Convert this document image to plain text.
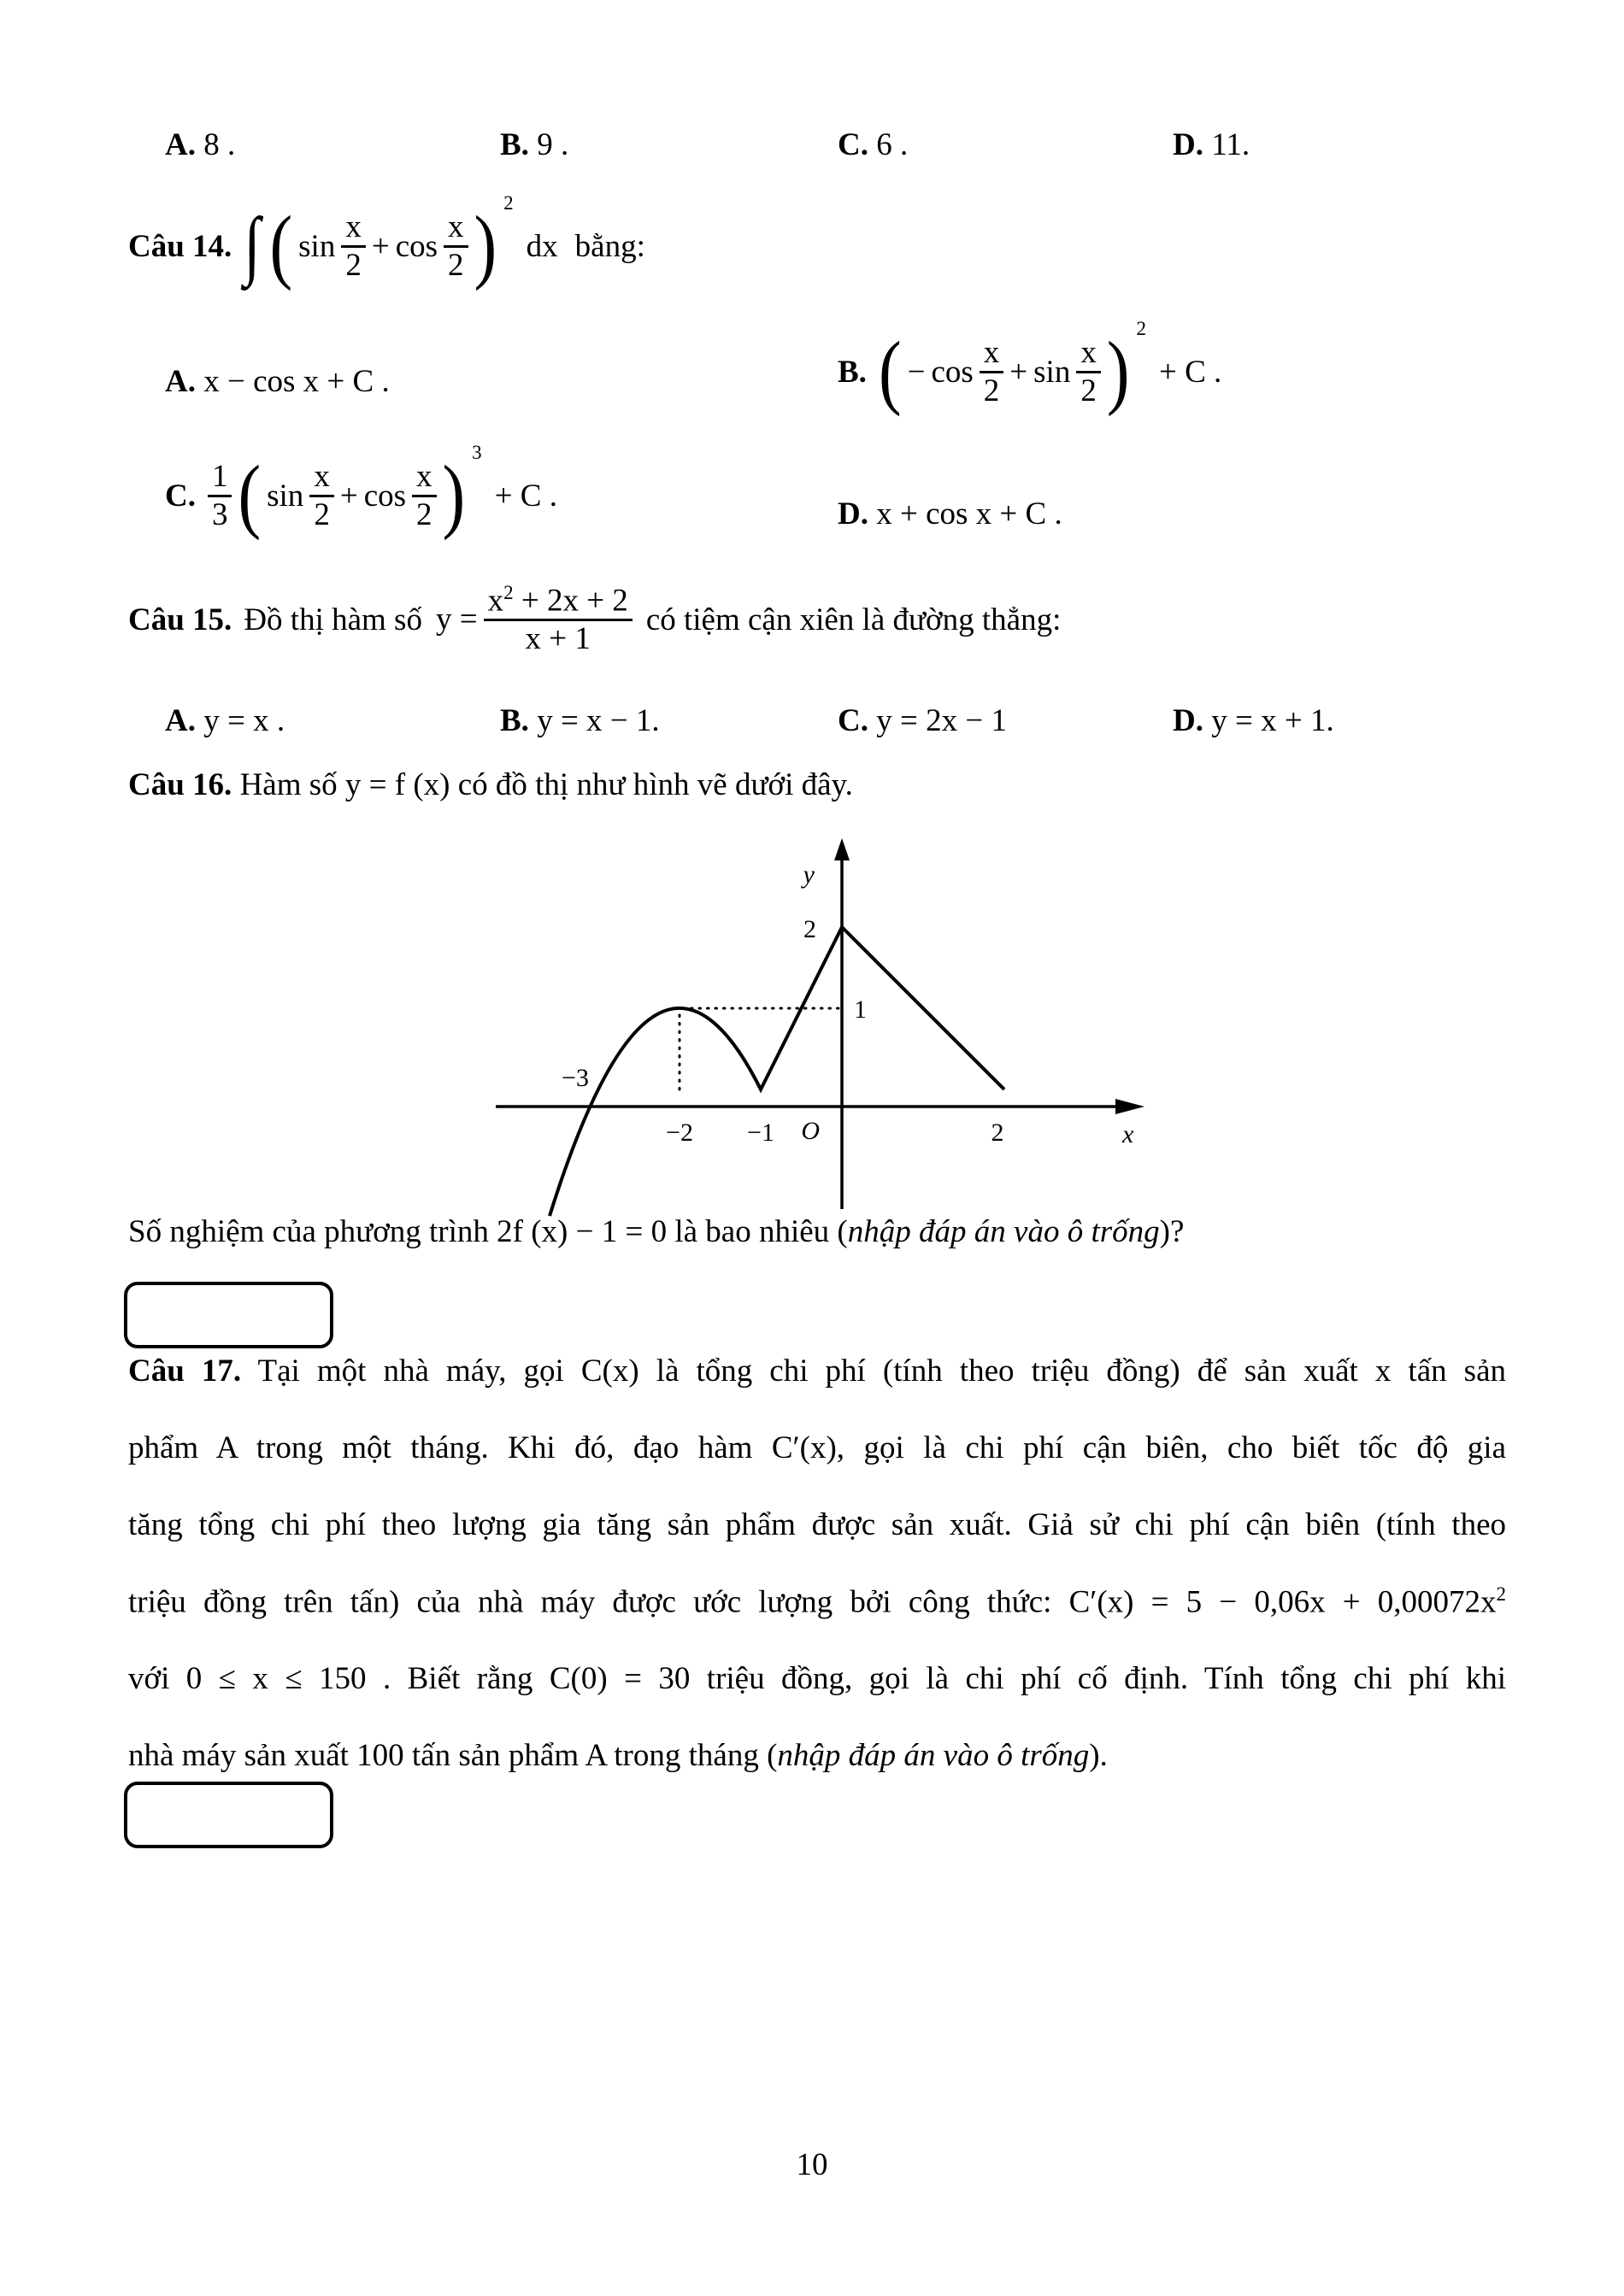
A. 8 .	B. 9 .	C. 6 .	D. 11.
Câu 14. ∫ ( $\sin \frac{x}{2} + \cos \frac{x}{2}$ ) 2
dx bằng:
A. x − cos x + C .	B. ( − $\cos \frac{x}{2} + \sin \frac{x}{2}$ ) 2
+ C .
C. $\frac{1}{3}$ ( $\sin \frac{x}{2} + \cos \frac{x}{2}$ ) 3
+ C .
D. x + cos x + C .
Câu 15. Đồ thị hàm số $y = \frac{x^2 + 2x + 2}{x + 1}$ có tiệm cận xiên là đường thẳng:
A. y = x .	B. y = x − 1.	C. y = 2x − 1	D. y = x + 1.
Câu 16. Hàm số y = f (x) có đồ thị như hình vẽ dưới đây.
y
x
O
2
1
−3
−2 −1	2
Số nghiệm của phương trình 2f (x) − 1 = 0 là bao nhiêu (nhập đáp án vào ô trống)?
Câu 17. Tại một nhà máy, gọi C(x) là tổng chi phí (tính theo triệu đồng) để sản xuất x tấn sản
phẩm A trong một tháng. Khi đó, đạo hàm C′(x), gọi là chi phí cận biên, cho biết tốc độ gia
tăng tổng chi phí theo lượng gia tăng sản phẩm được sản xuất. Giả sử chi phí cận biên (tính theo
triệu đồng trên tấn) của nhà máy được ước lượng bởi công thức: $C'(x) = 5 - 0,06x + 0,00072x^2$
với 0 ≤ x ≤ 150 . Biết rằng C(0) = 30 triệu đồng, gọi là chi phí cố định. Tính tổng chi phí khi
nhà máy sản xuất 100 tấn sản phẩm A trong tháng (nhập đáp án vào ô trống).
10
